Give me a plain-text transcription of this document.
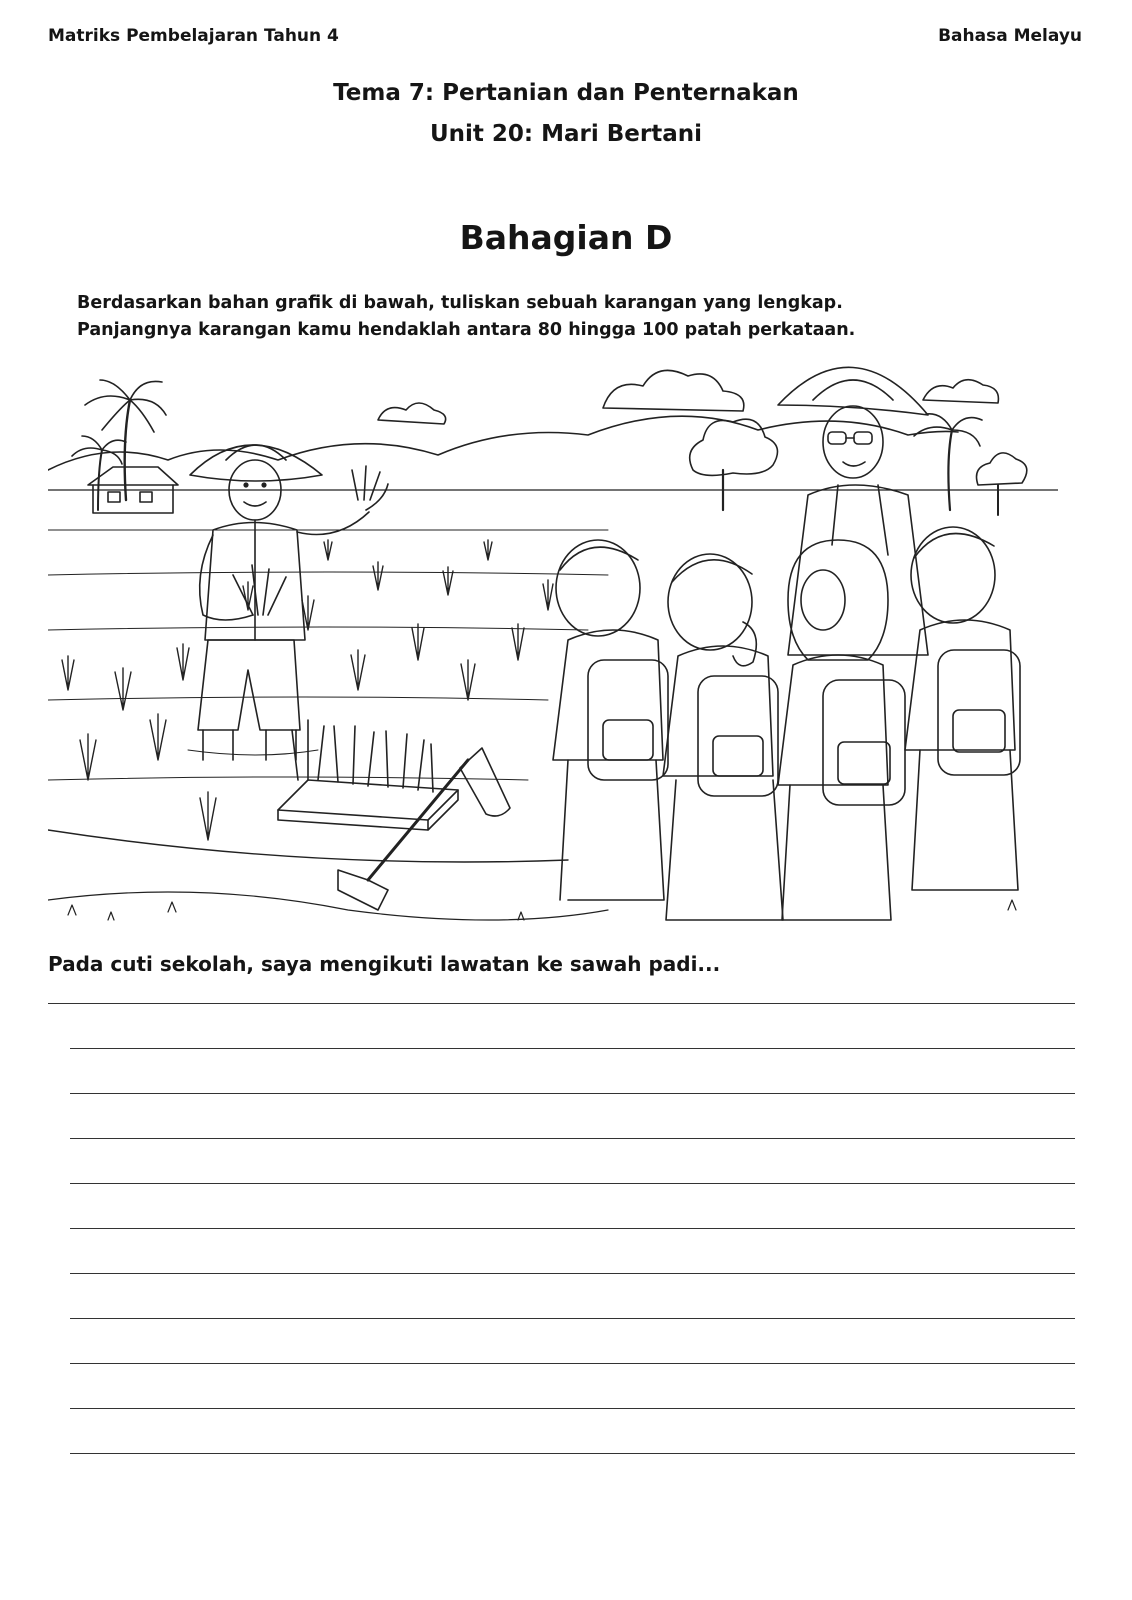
Matriks Pembelajaran Tahun 4	Bahasa Melayu
Tema 7: Pertanian dan Penternakan
Unit 20: Mari Bertani
Bahagian D
Berdasarkan bahan grafik di bawah, tuliskan sebuah karangan yang lengkap.
Panjangnya karangan kamu hendaklah antara 80 hingga 100 patah perkataan.
Pada cuti sekolah, saya mengikuti lawatan ke sawah padi...
